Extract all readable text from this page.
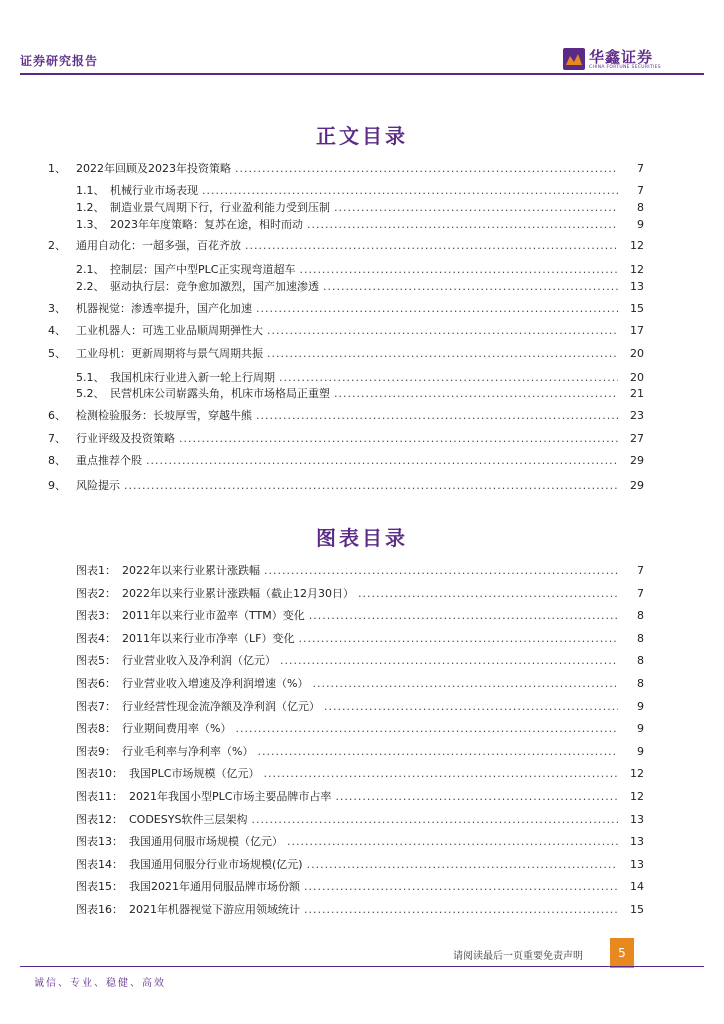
证券研究报告	华鑫证券
CHINA FORTUNE SECURITIES
正文目录
1、 2022年回顾及2023年投资策略 .....	7
1.1、 机械行业市场表现 .....	7
1.2、 制造业景气周期下行，行业盈利能力受到压制 .....	8
1.3、 2023年年度策略：复苏在途，相时而动 .....	9
2、 通用自动化：一超多强，百花齐放 .....	12
2.1、 控制层：国产中型PLC正实现弯道超车 .....	12
2.2、 驱动执行层：竞争愈加激烈，国产加速渗透 .....	13
3、 机器视觉：渗透率提升，国产化加速 .....	15
4、 工业机器人：可选工业品顺周期弹性大 .....	17
5、 工业母机：更新周期将与景气周期共振 .....	20
5.1、 我国机床行业进入新一轮上行周期 .....	20
5.2、 民营机床公司崭露头角，机床市场格局正重塑 .....	21
6、 检测检验服务：长坡厚雪，穿越牛熊 .....	23
7、 行业评级及投资策略 .....	27
8、 重点推荐个股 .....	29
9、 风险提示 .....	29
图表目录
图表1： 2022年以来行业累计涨跌幅 .....	7
图表2： 2022年以来行业累计涨跌幅（截止12月30日） .....	7
图表3： 2011年以来行业市盈率（TTM）变化 .....	8
图表4： 2011年以来行业市净率（LF）变化 .....	8
图表5： 行业营业收入及净利润（亿元） .....	8
图表6： 行业营业收入增速及净利润增速（%） .....	8
图表7： 行业经营性现金流净额及净利润（亿元） .....	9
图表8： 行业期间费用率（%） .....	9
图表9： 行业毛利率与净利率（%） .....	9
图表10： 我国PLC市场规模（亿元） .....	12
图表11： 2021年我国小型PLC市场主要品牌市占率 .....	12
图表12： CODESYS软件三层架构 .....	13
图表13： 我国通用伺服市场规模（亿元） .....	13
图表14： 我国通用伺服分行业市场规模(亿元) .....	13
图表15： 我国2021年通用伺服品牌市场份额 .....	14
图表16： 2021年机器视觉下游应用领域统计 .....	15
请阅读最后一页重要免责声明	5
诚信、专业、稳健、高效
